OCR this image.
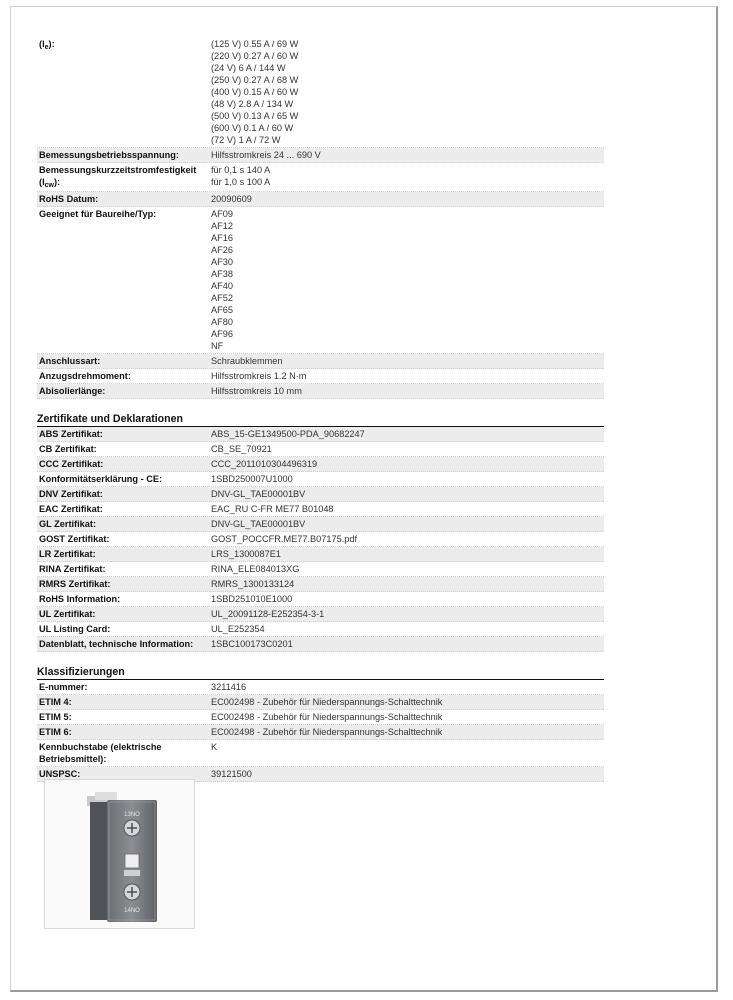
$(I_e)$:	(125 V) 0.55 A / 69 W
(220 V) 0.27 A / 60 W
(24 V) 6 A / 144 W
(250 V) 0.27 A / 68 W
(400 V) 0.15 A / 60 W
(48 V) 2.8 A / 134 W
(500 V) 0.13 A / 65 W
(600 V) 0.1 A / 60 W
(72 V) 1 A / 72 W
Bemessungsbetriebsspannung:	Hilfsstromkreis 24 ... 690 V
Bemessungskurzzeitstromfestigkeit $(I_{cw})$:
für 0,1 s 140 A
für 1,0 s 100 A
RoHS Datum:	20090609
Geeignet für Baureihe/Typ:	AF09
AF12
AF16
AF26
AF30
AF38
AF40
AF52
AF65
AF80
AF96
NF
Anschlussart:	Schraubklemmen
Anzugsdrehmoment:	Hilfsstromkreis 1.2 N·m
Abisolierlänge:	Hilfsstromkreis 10 mm
Zertifikate und Deklarationen
ABS Zertifikat:	ABS_15-GE1349500-PDA_90682247
CB Zertifikat:	CB_SE_70921
CCC Zertifikat:	CCC_2011010304496319
Konformitätserklärung - CE:	1SBD250007U1000
DNV Zertifikat:	DNV-GL_TAE00001BV
EAC Zertifikat:	EAC_RU C-FR ME77 B01048
GL Zertifikat:	DNV-GL_TAE00001BV
GOST Zertifikat:	GOST_POCCFR.ME77.B07175.pdf
LR Zertifikat:	LRS_1300087E1
RINA Zertifikat:	RINA_ELE084013XG
RMRS Zertifikat:	RMRS_1300133124
RoHS Information:	1SBD251010E1000
UL Zertifikat:	UL_20091128-E252354-3-1
UL Listing Card:	UL_E252354
Datenblatt, technische Information:	1SBC100173C0201
Klassifizierungen
E-nummer:	3211416
ETIM 4:	EC002498 - Zubehör für Niederspannungs-Schalttechnik
ETIM 5:	EC002498 - Zubehör für Niederspannungs-Schalttechnik
ETIM 6:	EC002498 - Zubehör für Niederspannungs-Schalttechnik
Kennbuchstabe (elektrische Betriebsmittel):
K
UNSPSC:	39121500
13NO
14NO
